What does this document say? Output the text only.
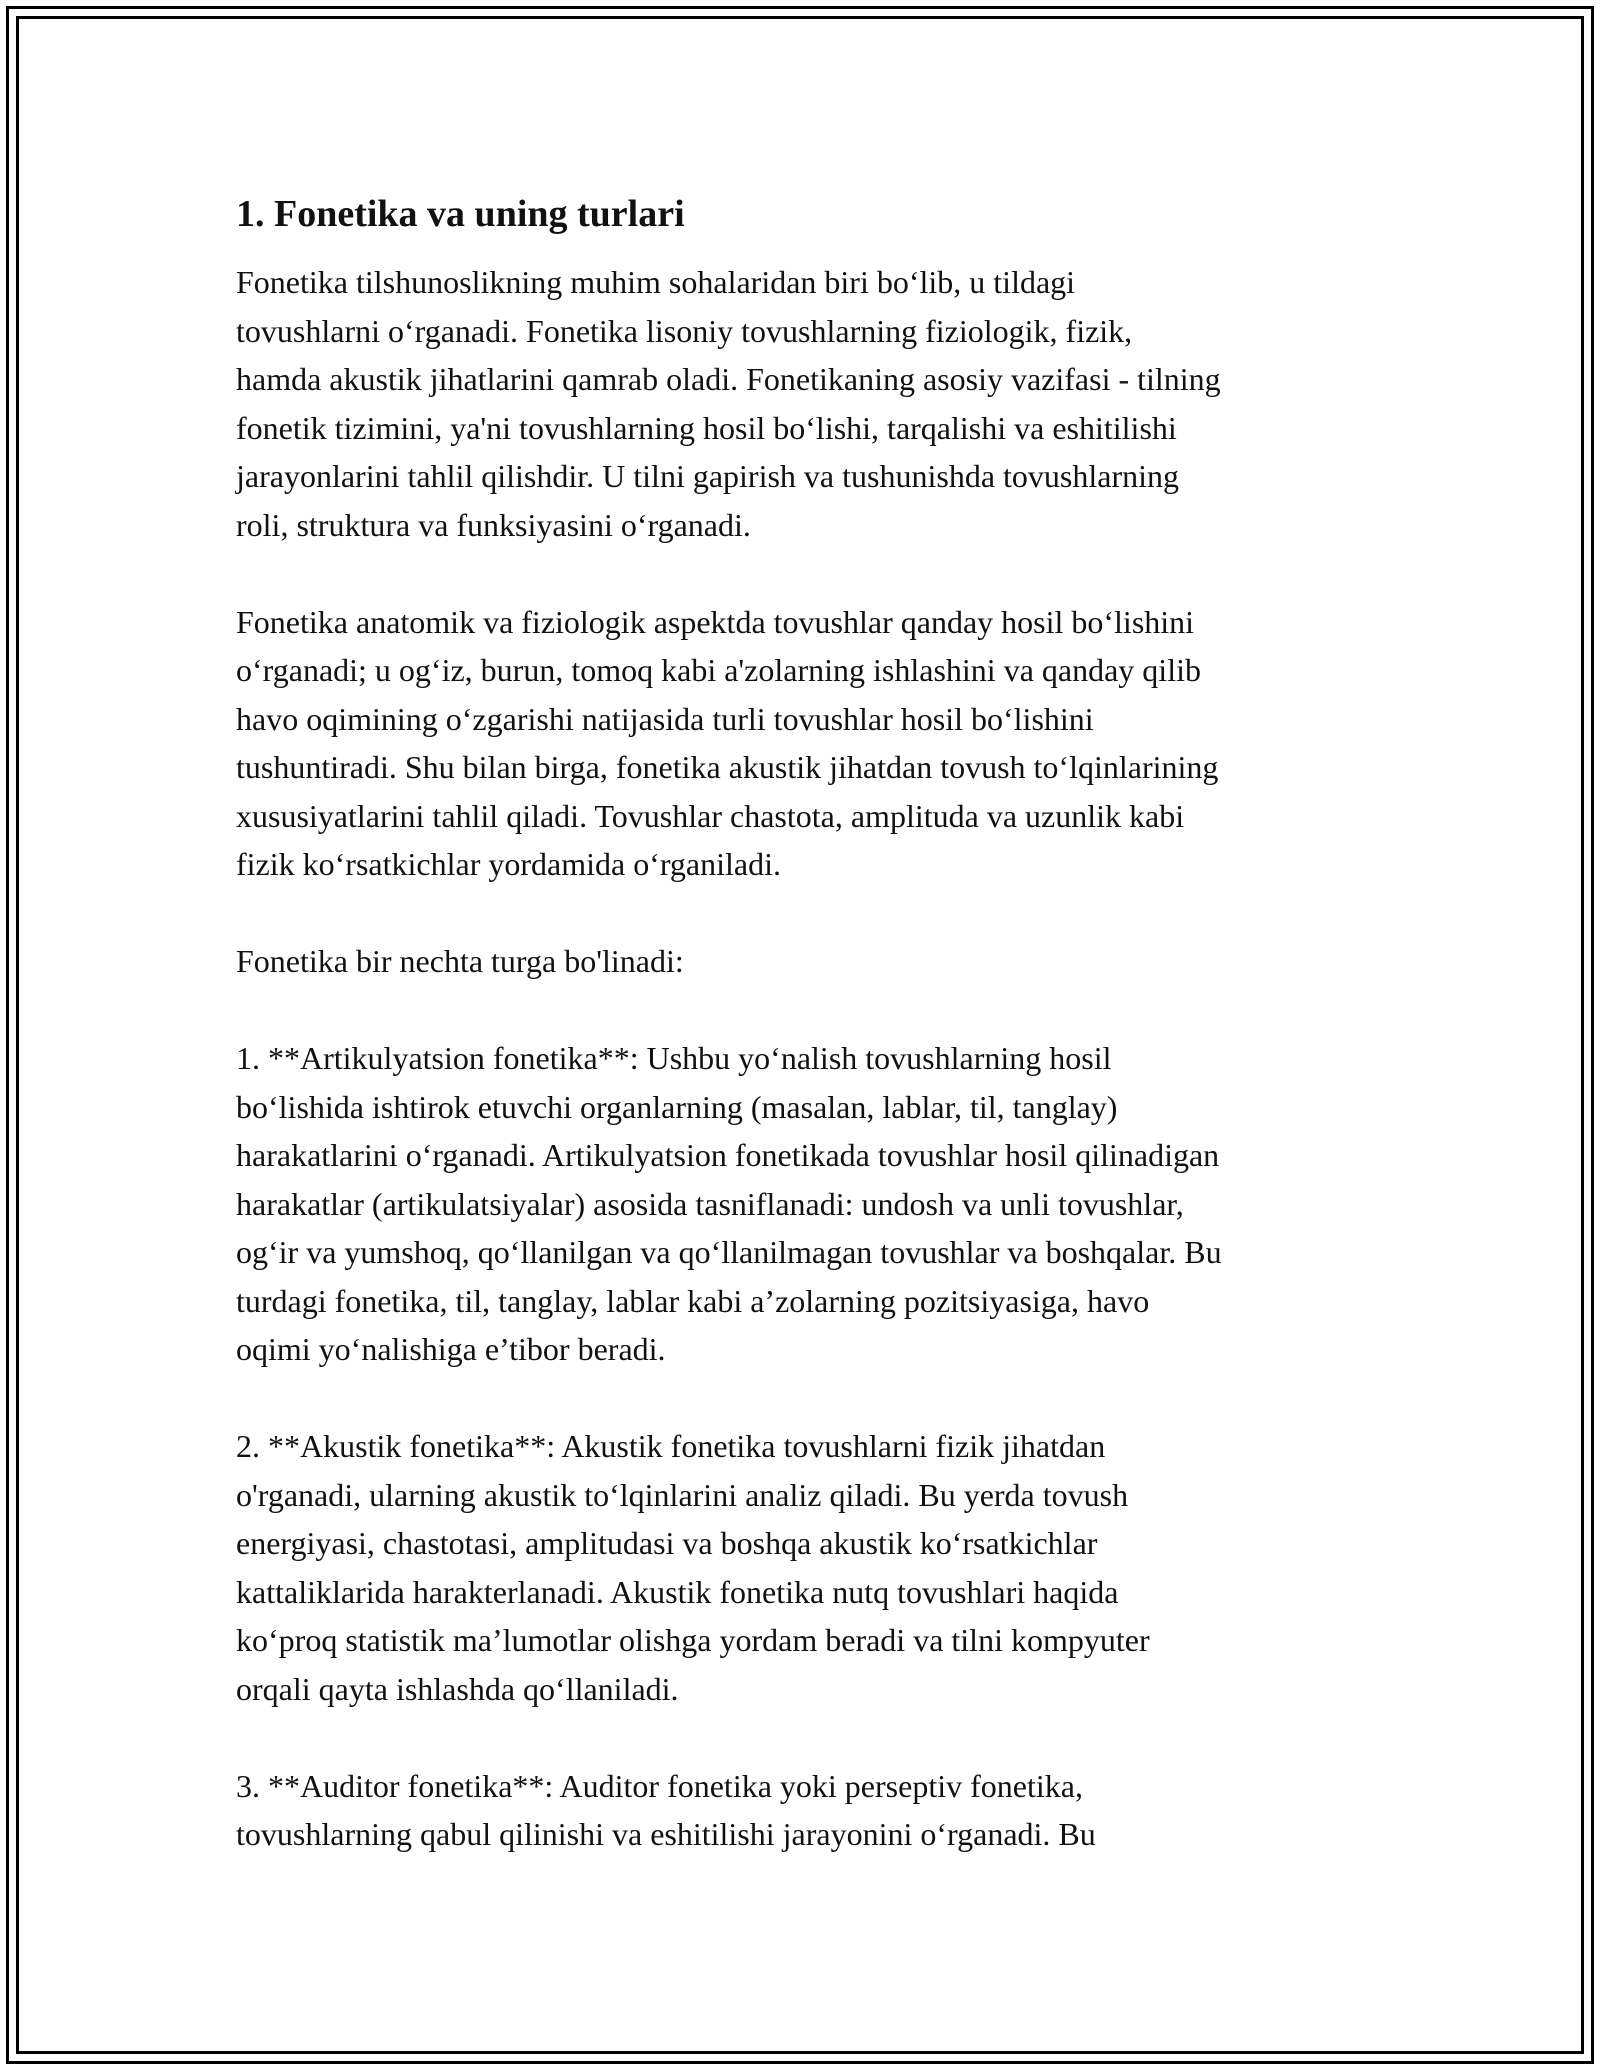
1. Fonetika va uning turlari

Fonetika tilshunoslikning muhim sohalaridan biri boʻlib, u tildagi
tovushlarni oʻrganadi. Fonetika lisoniy tovushlarning fiziologik, fizik,
hamda akustik jihatlarini qamrab oladi. Fonetikaning asosiy vazifasi - tilning
fonetik tizimini, ya'ni tovushlarning hosil boʻlishi, tarqalishi va eshitilishi
jarayonlarini tahlil qilishdir. U tilni gapirish va tushunishda tovushlarning
roli, struktura va funksiyasini oʻrganadi.

Fonetika anatomik va fiziologik aspektda tovushlar qanday hosil boʻlishini
oʻrganadi; u ogʻiz, burun, tomoq kabi a'zolarning ishlashini va qanday qilib
havo oqimining oʻzgarishi natijasida turli tovushlar hosil boʻlishini
tushuntiradi. Shu bilan birga, fonetika akustik jihatdan tovush toʻlqinlarining
xususiyatlarini tahlil qiladi. Tovushlar chastota, amplituda va uzunlik kabi
fizik koʻrsatkichlar yordamida oʻrganiladi.

Fonetika bir nechta turga bo'linadi:

1. **Artikulyatsion fonetika**: Ushbu yoʻnalish tovushlarning hosil
boʻlishida ishtirok etuvchi organlarning (masalan, lablar, til, tanglay)
harakatlarini oʻrganadi. Artikulyatsion fonetikada tovushlar hosil qilinadigan
harakatlar (artikulatsiyalar) asosida tasniflanadi: undosh va unli tovushlar,
ogʻir va yumshoq, qoʻllanilgan va qoʻllanilmagan tovushlar va boshqalar. Bu
turdagi fonetika, til, tanglay, lablar kabi a’zolarning pozitsiyasiga, havo
oqimi yoʻnalishiga e’tibor beradi.

2. **Akustik fonetika**: Akustik fonetika tovushlarni fizik jihatdan
o'rganadi, ularning akustik toʻlqinlarini analiz qiladi. Bu yerda tovush
energiyasi, chastotasi, amplitudasi va boshqa akustik koʻrsatkichlar
kattaliklarida harakterlanadi. Akustik fonetika nutq tovushlari haqida
koʻproq statistik ma’lumotlar olishga yordam beradi va tilni kompyuter
orqali qayta ishlashda qoʻllaniladi.

3. **Auditor fonetika**: Auditor fonetika yoki perseptiv fonetika,
tovushlarning qabul qilinishi va eshitilishi jarayonini oʻrganadi. Bu
